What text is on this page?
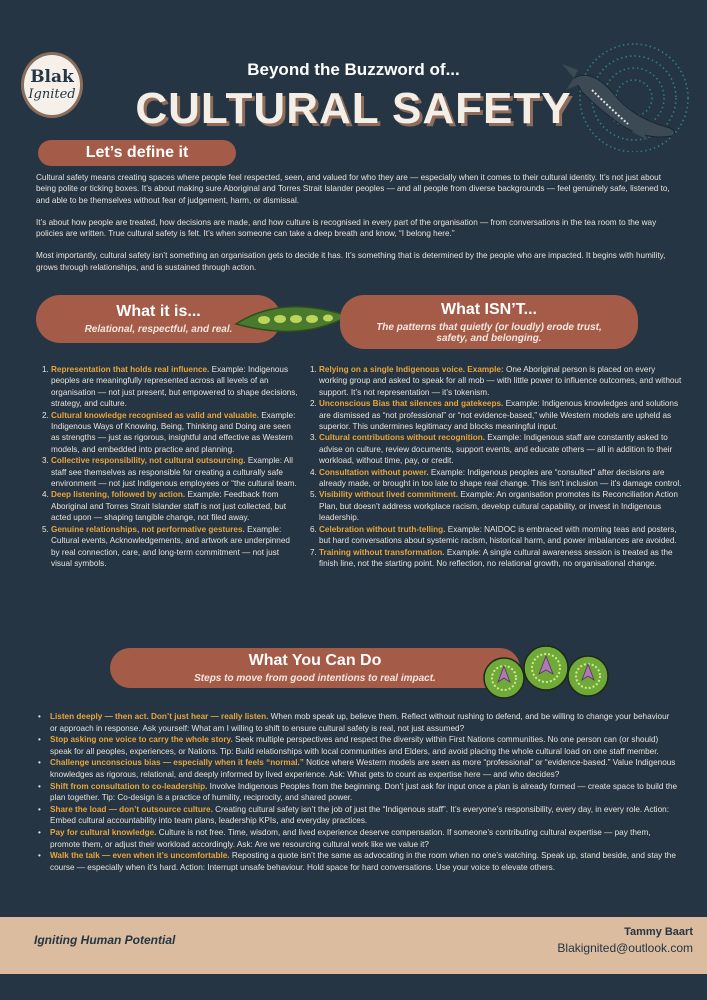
Blak
Ignited
Beyond the Buzzword of...
CULTURAL SAFETY
Let’s define it

Cultural safety means creating spaces where people feel respected, seen, and valued for who they are — especially when it comes to their cultural identity. It’s not just about being polite or ticking boxes. It’s about making sure Aboriginal and Torres Strait Islander peoples — and all people from diverse backgrounds — feel genuinely safe, listened to, and able to be themselves without fear of judgement, harm, or dismissal.

It’s about how people are treated, how decisions are made, and how culture is recognised in every part of the organisation — from conversations in the tea room to the way policies are written. True cultural safety is felt. It’s when someone can take a deep breath and know, “I belong here.”

Most importantly, cultural safety isn’t something an organisation gets to decide it has. It’s something that is determined by the people who are impacted. It begins with humility, grows through relationships, and is sustained through action.

What it is...
Relational, respectful, and real.
What ISN’T...
The patterns that quietly (or loudly) erode trust, safety, and belonging.
1. Representation that holds real influence. Example: Indigenous peoples are meaningfully represented across all levels of an organisation — not just present, but empowered to shape decisions, strategy, and culture.
2. Cultural knowledge recognised as valid and valuable. Example: Indigenous Ways of Knowing, Being, Thinking and Doing are seen as strengths — just as rigorous, insightful and effective as Western models, and embedded into practice and planning.
3. Collective responsibility, not cultural outsourcing. Example: All staff see themselves as responsible for creating a culturally safe environment — not just Indigenous employees or “the cultural team.
4. Deep listening, followed by action. Example: Feedback from Aboriginal and Torres Strait Islander staff is not just collected, but acted upon — shaping tangible change, not filed away.
5. Genuine relationships, not performative gestures. Example: Cultural events, Acknowledgements, and artwork are underpinned by real connection, care, and long-term commitment — not just visual symbols.
1. Relying on a single Indigenous voice. Example: One Aboriginal person is placed on every working group and asked to speak for all mob — with little power to influence outcomes, and without support. It’s not representation — it’s tokenism.
2. Unconscious Bias that silences and gatekeeps. Example: Indigenous knowledges and solutions are dismissed as “not professional” or “not evidence-based,” while Western models are upheld as superior. This undermines legitimacy and blocks meaningful input.
3. Cultural contributions without recognition. Example: Indigenous staff are constantly asked to advise on culture, review documents, support events, and educate others — all in addition to their workload, without time, pay, or credit.
4. Consultation without power. Example: Indigenous peoples are “consulted” after decisions are already made, or brought in too late to shape real change. This isn’t inclusion — it’s damage control.
5. Visibility without lived commitment. Example: An organisation promotes its Reconciliation Action Plan, but doesn’t address workplace racism, develop cultural capability, or invest in Indigenous leadership.
6. Celebration without truth-telling. Example: NAIDOC is embraced with morning teas and posters, but hard conversations about systemic racism, historical harm, and power imbalances are avoided.
7. Training without transformation. Example: A single cultural awareness session is treated as the finish line, not the starting point. No reflection, no relational growth, no organisational change.
What You Can Do
Steps to move from good intentions to real impact.
•	Listen deeply — then act. Don’t just hear — really listen. When mob speak up, believe them. Reflect without rushing to defend, and be willing to change your behaviour or approach in response. Ask yourself: What am I willing to shift to ensure cultural safety is real, not just assumed?
•	Stop asking one voice to carry the whole story. Seek multiple perspectives and respect the diversity within First Nations communities. No one person can (or should) speak for all peoples, experiences, or Nations. Tip: Build relationships with local communities and Elders, and avoid placing the whole cultural load on one staff member.
•	Challenge unconscious bias — especially when it feels “normal.” Notice where Western models are seen as more “professional” or “evidence-based.” Value Indigenous knowledges as rigorous, relational, and deeply informed by lived experience. Ask: What gets to count as expertise here — and who decides?
•	Shift from consultation to co-leadership. Involve Indigenous Peoples from the beginning. Don’t just ask for input once a plan is already formed — create space to build the plan together. Tip: Co-design is a practice of humility, reciprocity, and shared power.
•	Share the load — don’t outsource culture. Creating cultural safety isn’t the job of just the “Indigenous staff”. It’s everyone’s responsibility, every day, in every role. Action: Embed cultural accountability into team plans, leadership KPIs, and everyday practices.
•	Pay for cultural knowledge. Culture is not free. Time, wisdom, and lived experience deserve compensation. If someone’s contributing cultural expertise — pay them, promote them, or adjust their workload accordingly. Ask: Are we resourcing cultural work like we value it?
•	Walk the talk — even when it’s uncomfortable. Reposting a quote isn’t the same as advocating in the room when no one’s watching. Speak up, stand beside, and stay the course — especially when it’s hard. Action: Interrupt unsafe behaviour. Hold space for hard conversations. Use your voice to elevate others.
Igniting Human Potential
Tammy Baart
Blakignited@outlook.com
